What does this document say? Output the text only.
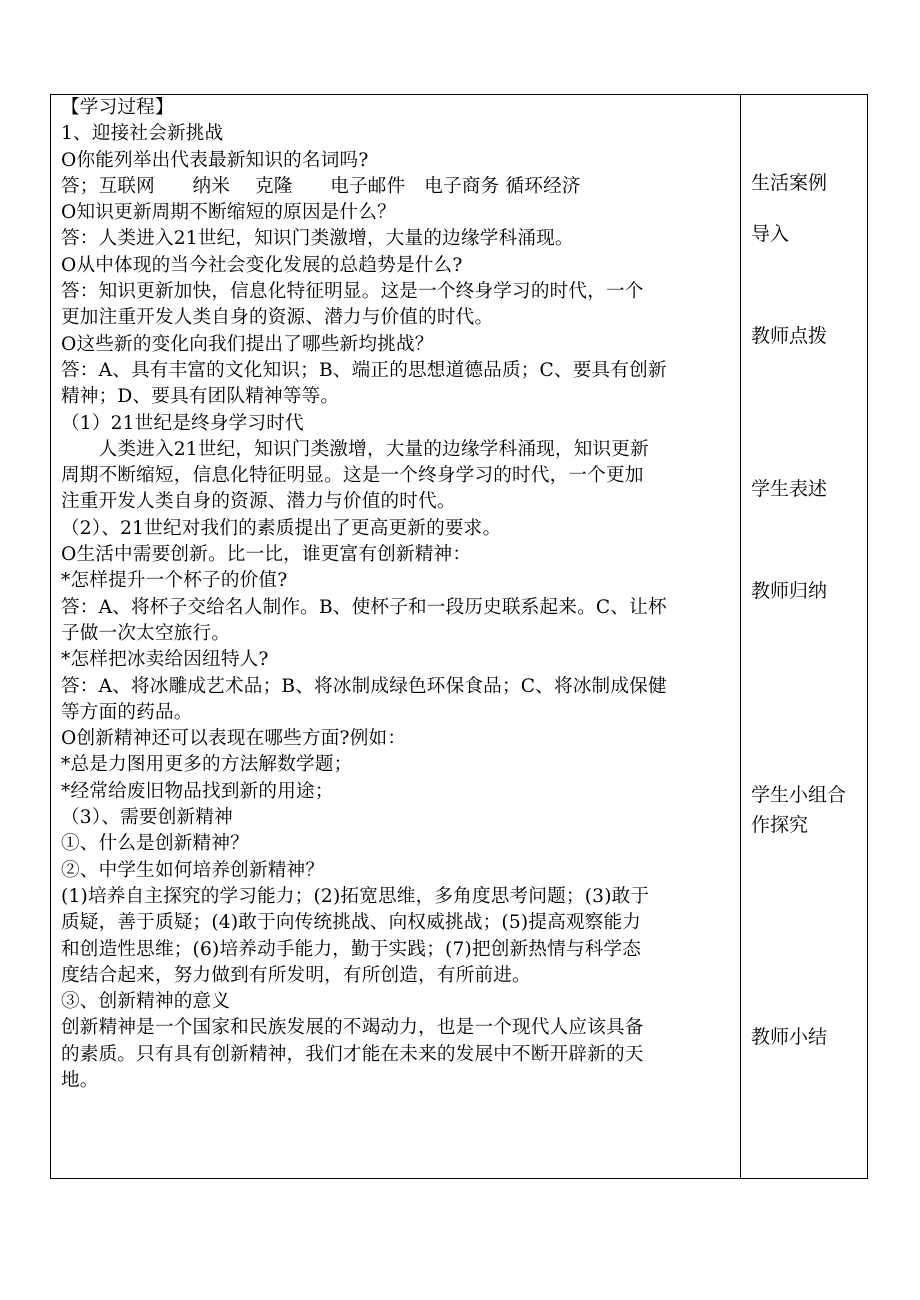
【学习过程】
1、迎接社会新挑战
O你能列举出代表最新知识的名词吗?
答；互联网　　纳米　 克隆　　电子邮件　电子商务 循环经济
O知识更新周期不断缩短的原因是什么？
答：人类进入21世纪，知识门类激增，大量的边缘学科涌现。
O从中体现的当今社会变化发展的总趋势是什么?
答：知识更新加快，信息化特征明显。这是一个终身学习的时代，一个
更加注重开发人类自身的资源、潜力与价值的时代。
O这些新的变化向我们提出了哪些新均挑战？
答：A、具有丰富的文化知识；B、端正的思想道德品质；C、要具有创新
精神；D、要具有团队精神等等。
（1）21世纪是终身学习时代
　　人类进入21世纪，知识门类激增，大量的边缘学科涌现，知识更新
周期不断缩短，信息化特征明显。这是一个终身学习的时代，一个更加
注重开发人类自身的资源、潜力与价值的时代。
（2）、21世纪对我们的素质提出了更高更新的要求。
O生活中需要创新。比一比，谁更富有创新精神：
*怎样提升一个杯子的价值?
答：A、将杯子交给名人制作。B、使杯子和一段历史联系起来。C、让杯
子做一次太空旅行。
*怎样把冰卖给因纽特人?
答：A、将冰雕成艺术品；B、将冰制成绿色环保食品；C、将冰制成保健
等方面的药品。
O创新精神还可以表现在哪些方面?例如：
*总是力图用更多的方法解数学题；
*经常给废旧物品找到新的用途；
（3）、需要创新精神
①、什么是创新精神？
②、中学生如何培养创新精神？
(1)培养自主探究的学习能力；(2)拓宽思维，多角度思考问题；(3)敢于
质疑，善于质疑；(4)敢于向传统挑战、向权威挑战；(5)提高观察能力
和创造性思维；(6)培养动手能力，勤于实践；(7)把创新热情与科学态
度结合起来，努力做到有所发明，有所创造，有所前进。
③、创新精神的意义
创新精神是一个国家和民族发展的不竭动力，也是一个现代人应该具备
的素质。只有具有创新精神，我们才能在未来的发展中不断开辟新的天
地。
生活案例
导入
教师点拨
学生表述
教师归纳
学生小组合
作探究
教师小结
